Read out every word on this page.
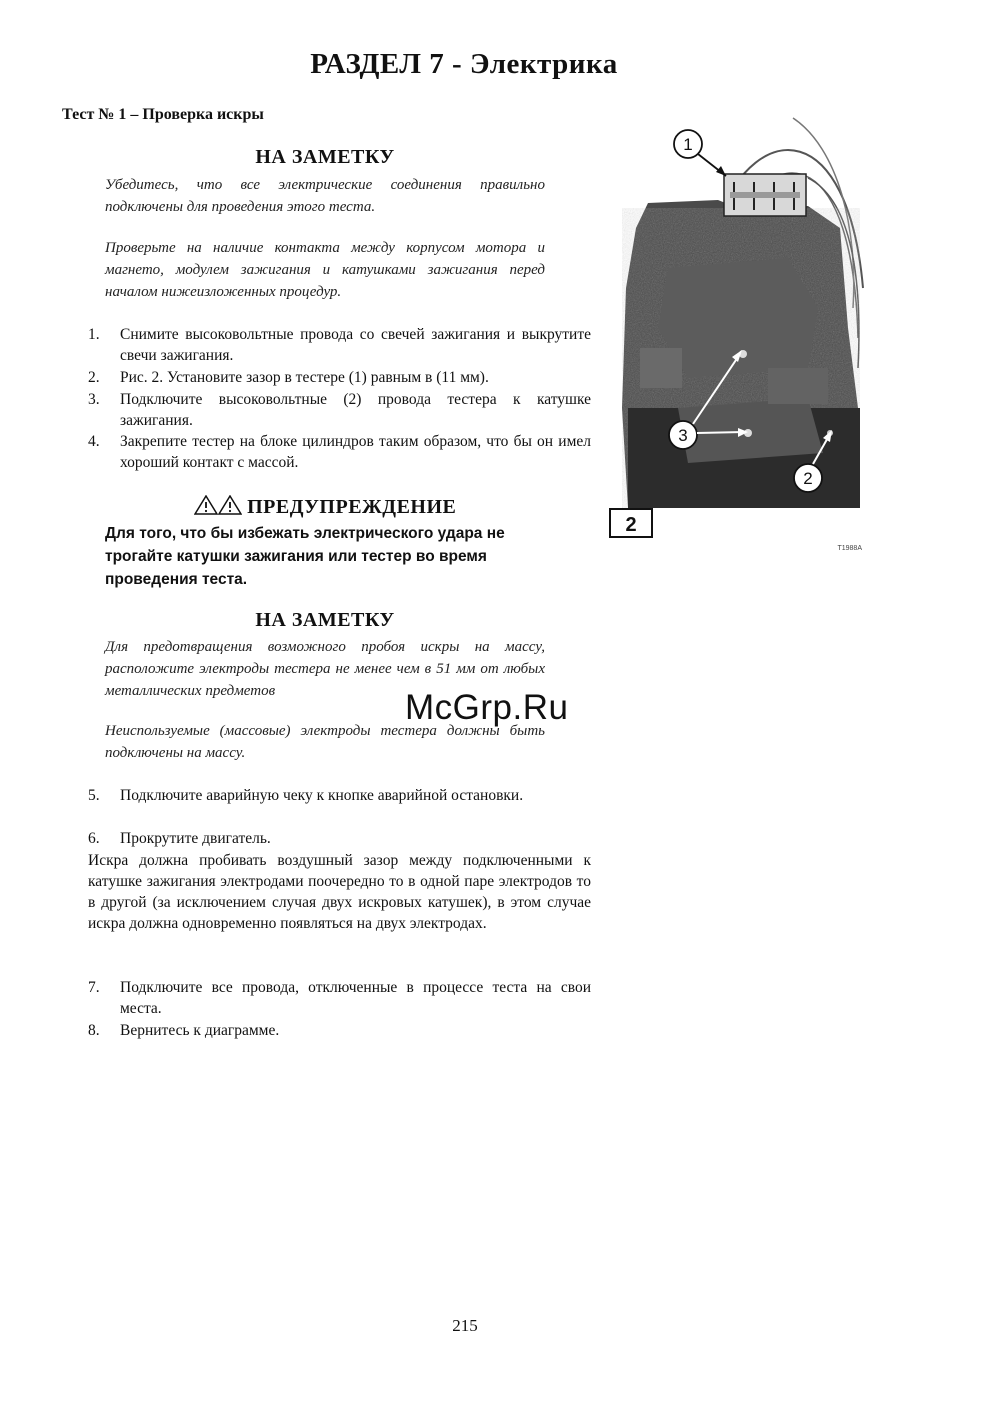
РАЗДЕЛ 7 - Электрика
Тест № 1 – Проверка искры
НА ЗАМЕТКУ
Убедитесь, что все электрические соединения правильно подключены для проведения этого теста.
Проверьте на наличие контакта между корпусом мотора и магнето, модулем зажигания и катушками зажигания перед началом нижеизложенных процедур.
1. Снимите высоковольтные провода со свечей зажигания и выкрутите свечи зажигания.
2. Рис. 2. Установите зазор в тестере (1) равным в (11 мм).
3. Подключите высоковольтные (2) провода тестера к катушке зажигания.
4. Закрепите тестер на блоке цилиндров таким образом, что бы он имел хороший контакт с массой.
ПРЕДУПРЕЖДЕНИЕ
Для того, что бы избежать электрического удара не трогайте катушки зажигания или тестер во время проведения теста.
НА ЗАМЕТКУ
Для предотвращения возможного пробоя искры на массу, расположите электроды тестера не менее чем в 51 мм от любых металлических предметов
Неиспользуемые (массовые) электроды тестера должны быть подключены на массу.
5. Подключите аварийную чеку к кнопке аварийной остановки.
6. Прокрутите двигатель.
Искра должна пробивать воздушный зазор между подключенными к катушке зажигания электродами поочередно то в одной паре электродов то в другой (за исключением случая двух искровых катушек), в этом случае искра должна одновременно появляться на двух электродах.
7. Подключите все провода, отключенные в процессе теста на свои места.
8. Вернитесь к диаграмме.
1
3
2
2
T1988A
McGrp.Ru
215
